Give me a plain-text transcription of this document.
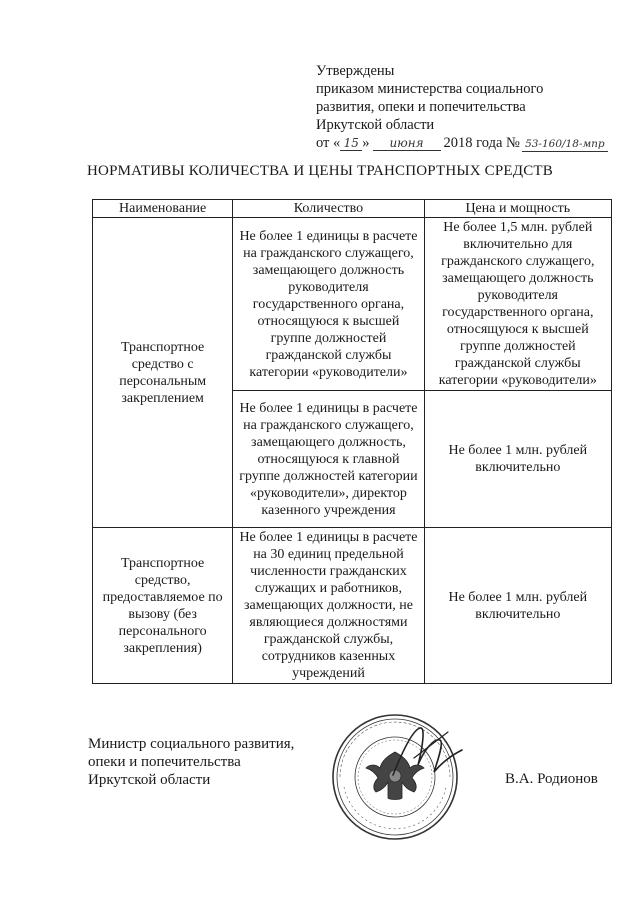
Утверждены
приказом министерства социального
развития, опеки и попечительства
Иркутской области
от « 15 »	июня	2018 года № 53-160/18-мпр
НОРМАТИВЫ КОЛИЧЕСТВА И ЦЕНЫ ТРАНСПОРТНЫХ СРЕДСТВ
Наименование	Количество	Цена и мощность
Транспортное средство с персональным закреплением	Не более 1 единицы в расчете на гражданского служащего, замещающего должность руководителя государственного органа, относящуюся к высшей группе должностей гражданской службы категории «руководители»	Не более 1,5 млн. рублей включительно для гражданского служащего, замещающего должность руководителя государственного органа, относящуюся к высшей группе должностей гражданской службы категории «руководители»
	Не более 1 единицы в расчете на гражданского служащего, замещающего должность, относящуюся к главной группе должностей категории «руководители», директор казенного учреждения	Не более 1 млн. рублей включительно
Транспортное средство, предоставляемое по вызову (без персонального закрепления)	Не более 1 единицы в расчете на 30 единиц предельной численности гражданских служащих и работников, замещающих должности, не являющиеся должностями гражданской службы, сотрудников казенных учреждений	Не более 1 млн. рублей включительно
Министр социального развития,
опеки и попечительства
Иркутской области	В.А. Родионов
